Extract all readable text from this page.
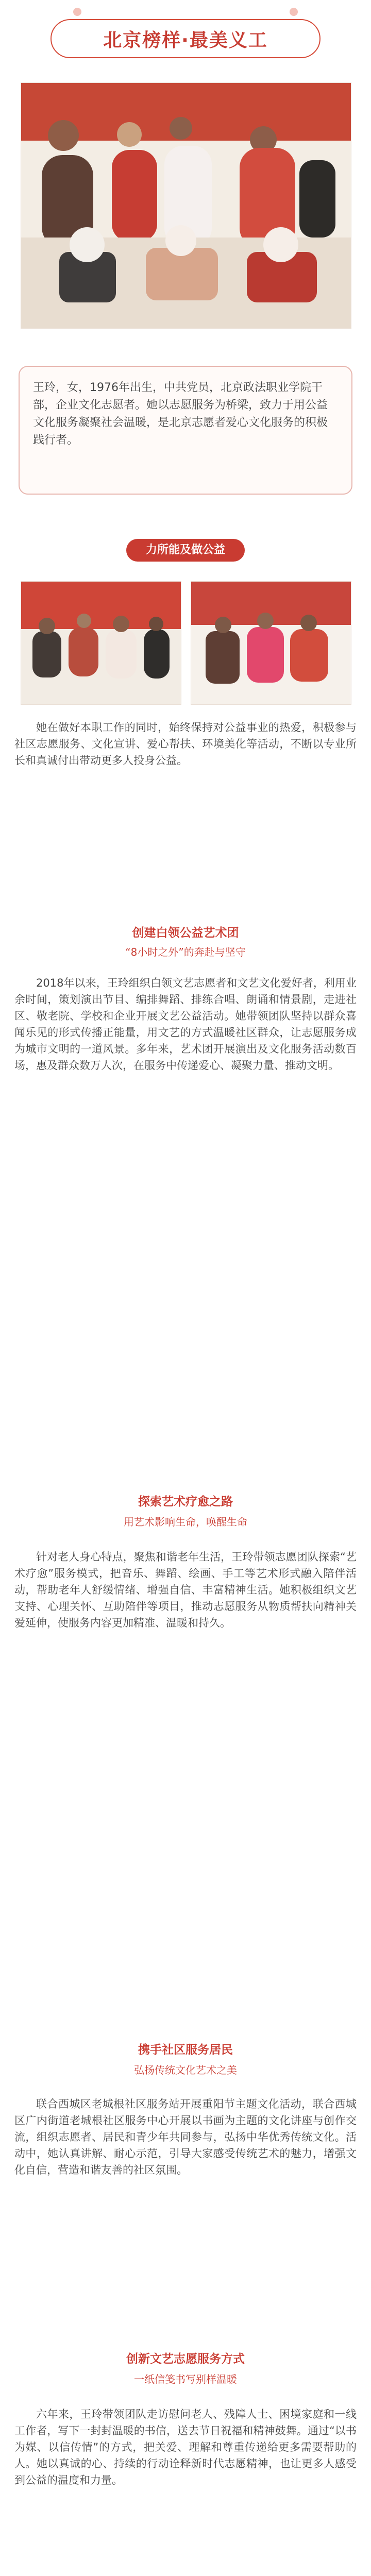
北京榜样·最美义工
王玲，女，1976年出生，中共党员，北京政法职业学院干部，企业文化志愿者。她以志愿服务为桥梁，致力于用公益文化服务凝聚社会温暖，是北京志愿者爱心文化服务的积极践行者。
力所能及做公益
她在做好本职工作的同时，始终保持对公益事业的热爱，积极参与社区志愿服务、文化宣讲、爱心帮扶、环境美化等活动，不断以专业所长和真诚付出带动更多人投身公益。
创建白领公益艺术团
“8小时之外”的奔赴与坚守
2018年以来，王玲组织白领文艺志愿者和文艺文化爱好者，利用业余时间，策划演出节目、编排舞蹈、排练合唱、朗诵和情景剧，走进社区、敬老院、学校和企业开展文艺公益活动。她带领团队坚持以群众喜闻乐见的形式传播正能量，用文艺的方式温暖社区群众，让志愿服务成为城市文明的一道风景。多年来，艺术团开展演出及文化服务活动数百场，惠及群众数万人次，在服务中传递爱心、凝聚力量、推动文明。
探索艺术疗愈之路
用艺术影响生命，唤醒生命
针对老人身心特点，聚焦和谐老年生活，王玲带领志愿团队探索“艺术疗愈”服务模式，把音乐、舞蹈、绘画、手工等艺术形式融入陪伴活动，帮助老年人舒缓情绪、增强自信、丰富精神生活。她积极组织文艺支持、心理关怀、互助陪伴等项目，推动志愿服务从物质帮扶向精神关爱延伸，使服务内容更加精准、温暖和持久。
携手社区服务居民
弘扬传统文化艺术之美
联合西城区老城根社区服务站开展重阳节主题文化活动，联合西城区广内街道老城根社区服务中心开展以书画为主题的文化讲座与创作交流，组织志愿者、居民和青少年共同参与，弘扬中华优秀传统文化。活动中，她认真讲解、耐心示范，引导大家感受传统艺术的魅力，增强文化自信，营造和谐友善的社区氛围。
创新文艺志愿服务方式
一纸信笺书写别样温暖
六年来，王玲带领团队走访慰问老人、残障人士、困境家庭和一线工作者，写下一封封温暖的书信，送去节日祝福和精神鼓舞。通过“以书为媒、以信传情”的方式，把关爱、理解和尊重传递给更多需要帮助的人。她以真诚的心、持续的行动诠释新时代志愿精神，也让更多人感受到公益的温度和力量。
